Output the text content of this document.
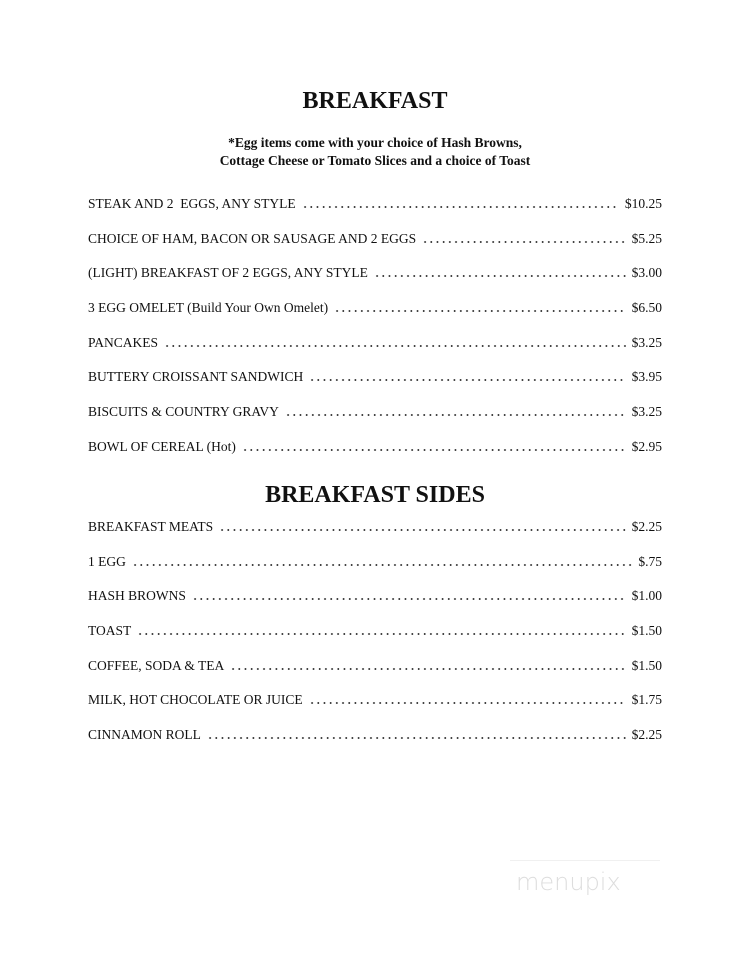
BREAKFAST
*Egg items come with your choice of Hash Browns,
Cottage Cheese or Tomato Slices and a choice of Toast
STEAK AND 2  EGGS, ANY STYLE	$10.25
CHOICE OF HAM, BACON OR SAUSAGE AND 2 EGGS	$5.25
(LIGHT) BREAKFAST OF 2 EGGS, ANY STYLE	$3.00
3 EGG OMELET (Build Your Own Omelet)	$6.50
PANCAKES	$3.25
BUTTERY CROISSANT SANDWICH	$3.95
BISCUITS & COUNTRY GRAVY	$3.25
BOWL OF CEREAL (Hot)	$2.95
BREAKFAST SIDES
BREAKFAST MEATS	$2.25
1 EGG	$.75
HASH BROWNS	$1.00
TOAST	$1.50
COFFEE, SODA & TEA	$1.50
MILK, HOT CHOCOLATE OR JUICE	$1.75
CINNAMON ROLL	$2.25
menupix
